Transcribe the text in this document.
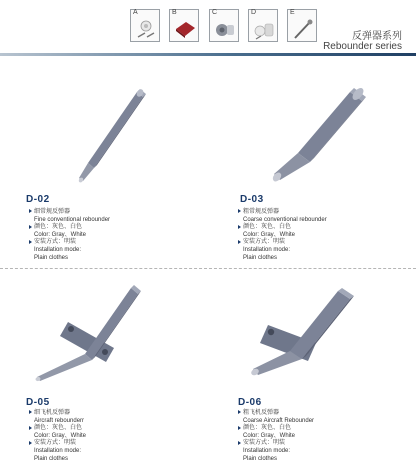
A	B	C	D	E
反弹器系列
Rebounder series
D-02
细常规反弹器
Fine conventional rebounder
颜色：灰色、白色
Color: Gray、White
安装方式：明装
Installation mode:
Plain clothes
D-03
粗常规反弹器
Coarse conventional rebounder
颜色：灰色、白色
Color: Gray、White
安装方式：明装
Installation mode:
Plain clothes
D-05
细飞机反弹器
Aircraft rebounderr
颜色：灰色、白色
Color: Gray、White
安装方式：明装
Installation mode:
Plain clothes
D-06
粗飞机反弹器
Coarse Aircraft Rebounder
颜色：灰色、白色
Color: Gray、White
安装方式：明装
Installation mode:
Plain clothes
